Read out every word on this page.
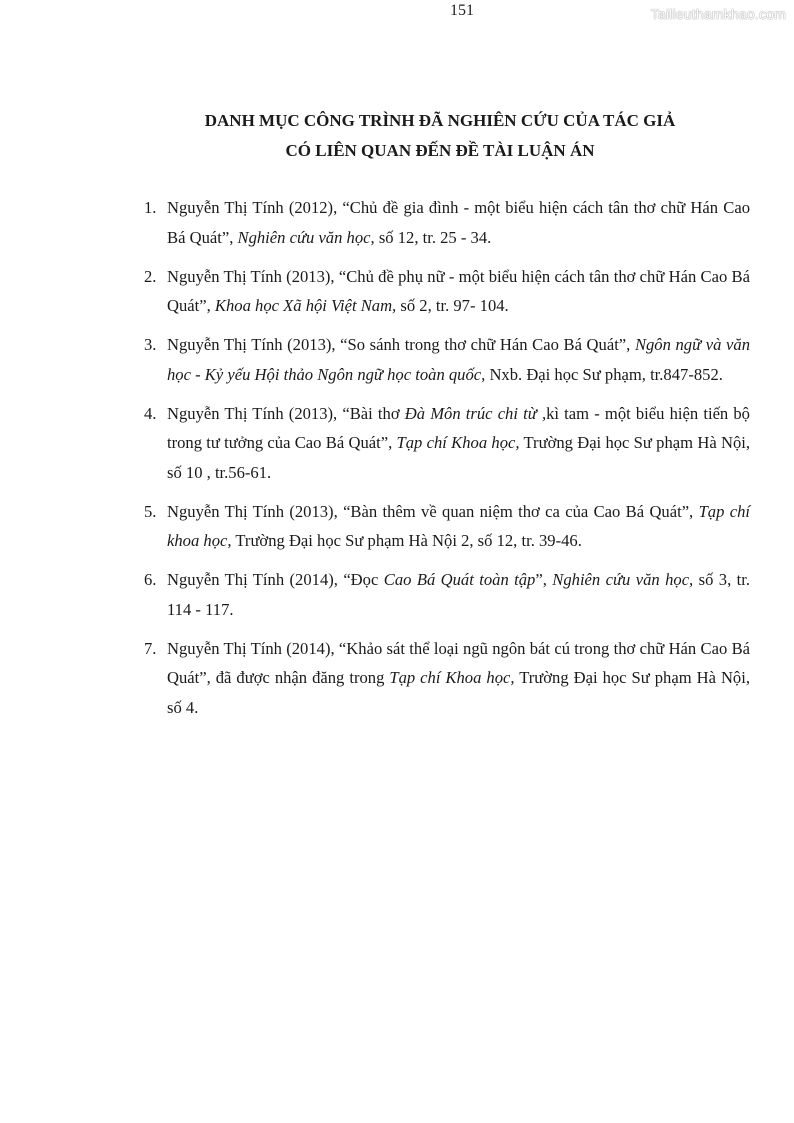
151	Tailieuthamkhao.com
DANH MỤC CÔNG TRÌNH ĐÃ NGHIÊN CỨU CỦA TÁC GIẢ
CÓ LIÊN QUAN ĐẾN ĐỀ TÀI LUẬN ÁN
1. Nguyễn Thị Tính (2012), “Chủ đề gia đình - một biểu hiện cách tân thơ chữ Hán Cao Bá Quát”, Nghiên cứu văn học, số 12, tr. 25 - 34.
2. Nguyễn Thị Tính (2013), “Chủ đề phụ nữ - một biểu hiện cách tân thơ chữ Hán Cao Bá Quát”, Khoa học Xã hội Việt Nam, số 2, tr. 97- 104.
3. Nguyễn Thị Tính (2013), “So sánh trong thơ chữ Hán Cao Bá Quát”, Ngôn ngữ và văn học - Kỷ yếu Hội thảo Ngôn ngữ học toàn quốc, Nxb. Đại học Sư phạm, tr.847-852.
4. Nguyễn Thị Tính (2013), “Bài thơ Đà Môn trúc chi từ ,kì tam - một biểu hiện tiến bộ trong tư tưởng của Cao Bá Quát”, Tạp chí Khoa học, Trường Đại học Sư phạm Hà Nội, số 10 , tr.56-61.
5. Nguyễn Thị Tính (2013), “Bàn thêm về quan niệm thơ ca của Cao Bá Quát”, Tạp chí khoa học, Trường Đại học Sư phạm Hà Nội 2, số 12, tr. 39-46.
6. Nguyễn Thị Tính (2014), “Đọc Cao Bá Quát toàn tập”, Nghiên cứu văn học, số 3, tr. 114 - 117.
7. Nguyễn Thị Tính (2014), “Khảo sát thể loại ngũ ngôn bát cú trong thơ chữ Hán Cao Bá Quát”, đã được nhận đăng trong Tạp chí Khoa học, Trường Đại học Sư phạm Hà Nội, số 4.
